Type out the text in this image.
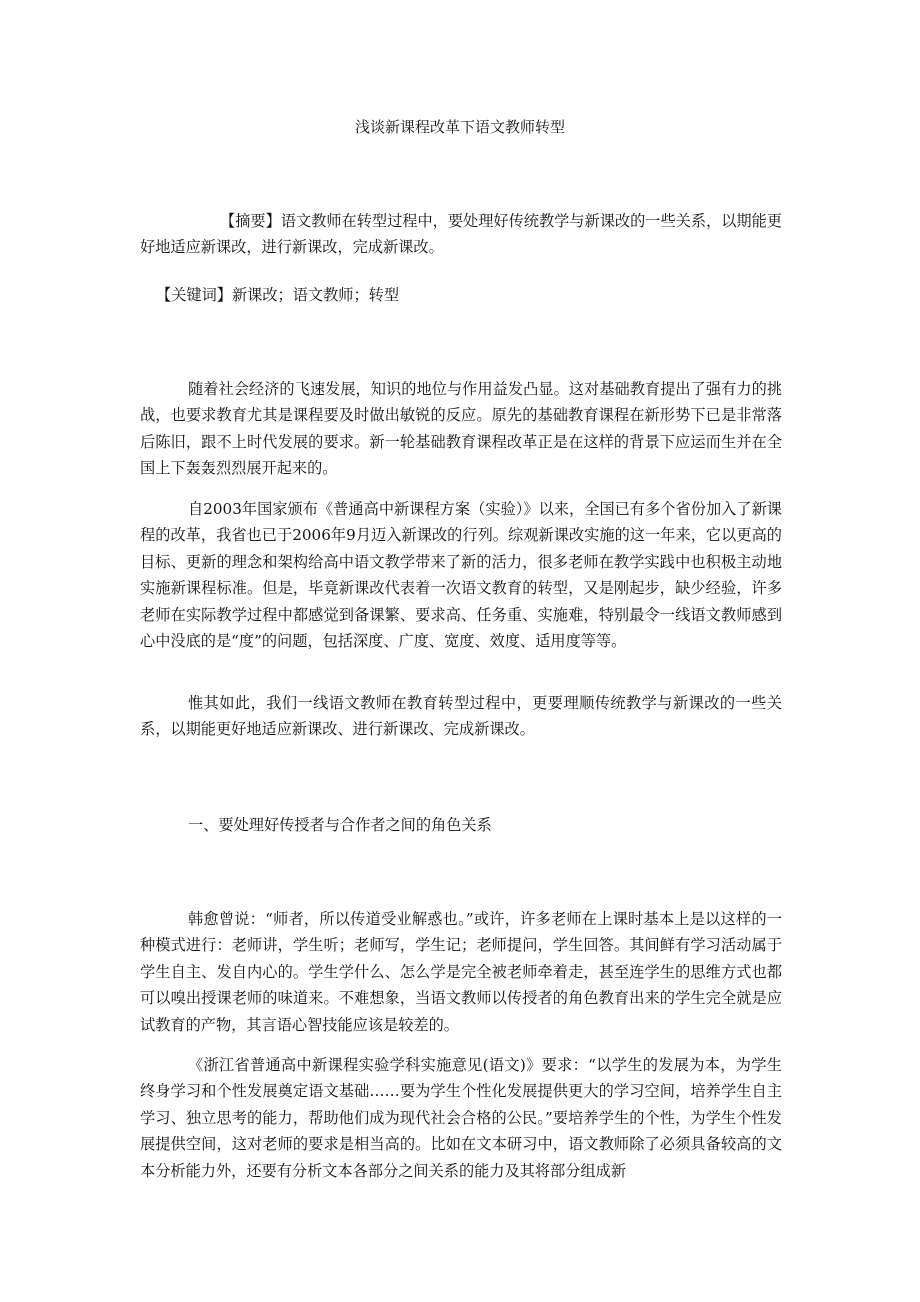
浅谈新课程改革下语文教师转型

【摘要】语文教师在转型过程中，要处理好传统教学与新课改的一些关系，以期能更好地适应新课改，进行新课改，完成新课改。

【关键词】新课改；语文教师；转型

随着社会经济的飞速发展，知识的地位与作用益发凸显。这对基础教育提出了强有力的挑战，也要求教育尤其是课程要及时做出敏锐的反应。原先的基础教育课程在新形势下已是非常落后陈旧，跟不上时代发展的要求。新一轮基础教育课程改革正是在这样的背景下应运而生并在全国上下轰轰烈烈展开起来的。

自2003年国家颁布《普通高中新课程方案（实验）》以来，全国已有多个省份加入了新课程的改革，我省也已于2006年9月迈入新课改的行列。综观新课改实施的这一年来，它以更高的目标、更新的理念和架构给高中语文教学带来了新的活力，很多老师在教学实践中也积极主动地实施新课程标准。但是，毕竟新课改代表着一次语文教育的转型，又是刚起步，缺少经验，许多老师在实际教学过程中都感觉到备课繁、要求高、任务重、实施难，特别最令一线语文教师感到心中没底的是“度”的问题，包括深度、广度、宽度、效度、适用度等等。

惟其如此，我们一线语文教师在教育转型过程中，更要理顺传统教学与新课改的一些关系，以期能更好地适应新课改、进行新课改、完成新课改。

一、要处理好传授者与合作者之间的角色关系

韩愈曾说：“师者，所以传道受业解惑也。”或许，许多老师在上课时基本上是以这样的一种模式进行：老师讲，学生听；老师写，学生记；老师提问，学生回答。其间鲜有学习活动属于学生自主、发自内心的。学生学什么、怎么学是完全被老师牵着走，甚至连学生的思维方式也都可以嗅出授课老师的味道来。不难想象，当语文教师以传授者的角色教育出来的学生完全就是应试教育的产物，其言语心智技能应该是较差的。

《浙江省普通高中新课程实验学科实施意见(语文)》要求：“以学生的发展为本，为学生终身学习和个性发展奠定语文基础……要为学生个性化发展提供更大的学习空间，培养学生自主学习、独立思考的能力，帮助他们成为现代社会合格的公民。”要培养学生的个性，为学生个性发展提供空间，这对老师的要求是相当高的。比如在文本研习中，语文教师除了必须具备较高的文本分析能力外，还要有分析文本各部分之间关系的能力及其将部分组成新
